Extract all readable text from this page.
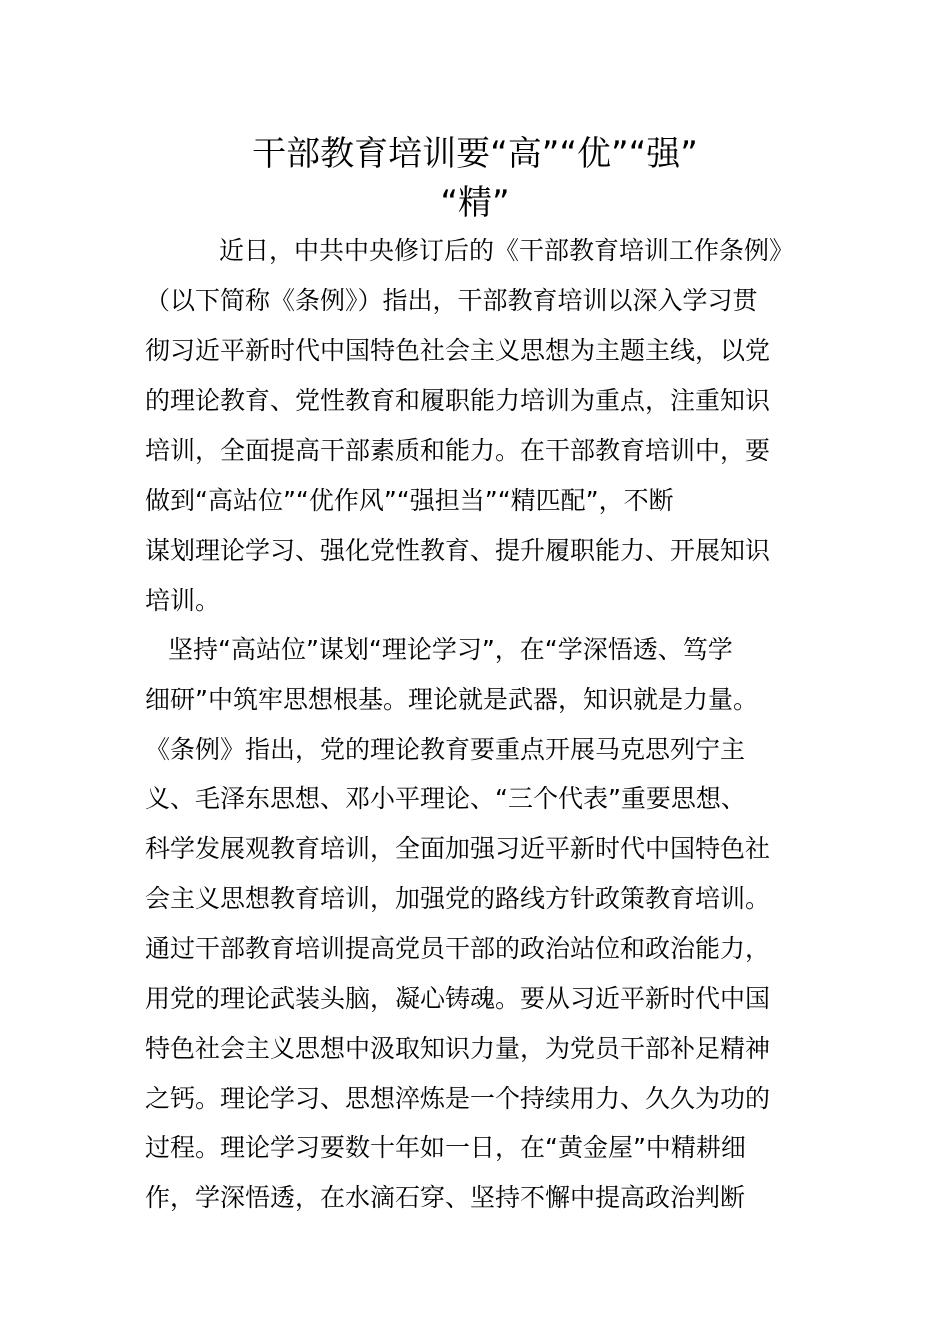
干部教育培训要“高”“优”“强”
“精”
近日，中共中央修订后的《干部教育培训工作条例》
（以下简称《条例》）指出，干部教育培训以深入学习贯
彻习近平新时代中国特色社会主义思想为主题主线，以党
的理论教育、党性教育和履职能力培训为重点，注重知识
培训，全面提高干部素质和能力。在干部教育培训中，要
做到“高站位”“优作风”“强担当”“精匹配”，不断
谋划理论学习、强化党性教育、提升履职能力、开展知识
培训。
坚持“高站位”谋划“理论学习”，在“学深悟透、笃学
细研”中筑牢思想根基。理论就是武器，知识就是力量。
《条例》指出，党的理论教育要重点开展马克思列宁主
义、毛泽东思想、邓小平理论、“三个代表”重要思想、
科学发展观教育培训，全面加强习近平新时代中国特色社
会主义思想教育培训，加强党的路线方针政策教育培训。
通过干部教育培训提高党员干部的政治站位和政治能力，
用党的理论武装头脑，凝心铸魂。要从习近平新时代中国
特色社会主义思想中汲取知识力量，为党员干部补足精神
之钙。理论学习、思想淬炼是一个持续用力、久久为功的
过程。理论学习要数十年如一日，在“黄金屋”中精耕细
作，学深悟透，在水滴石穿、坚持不懈中提高政治判断
